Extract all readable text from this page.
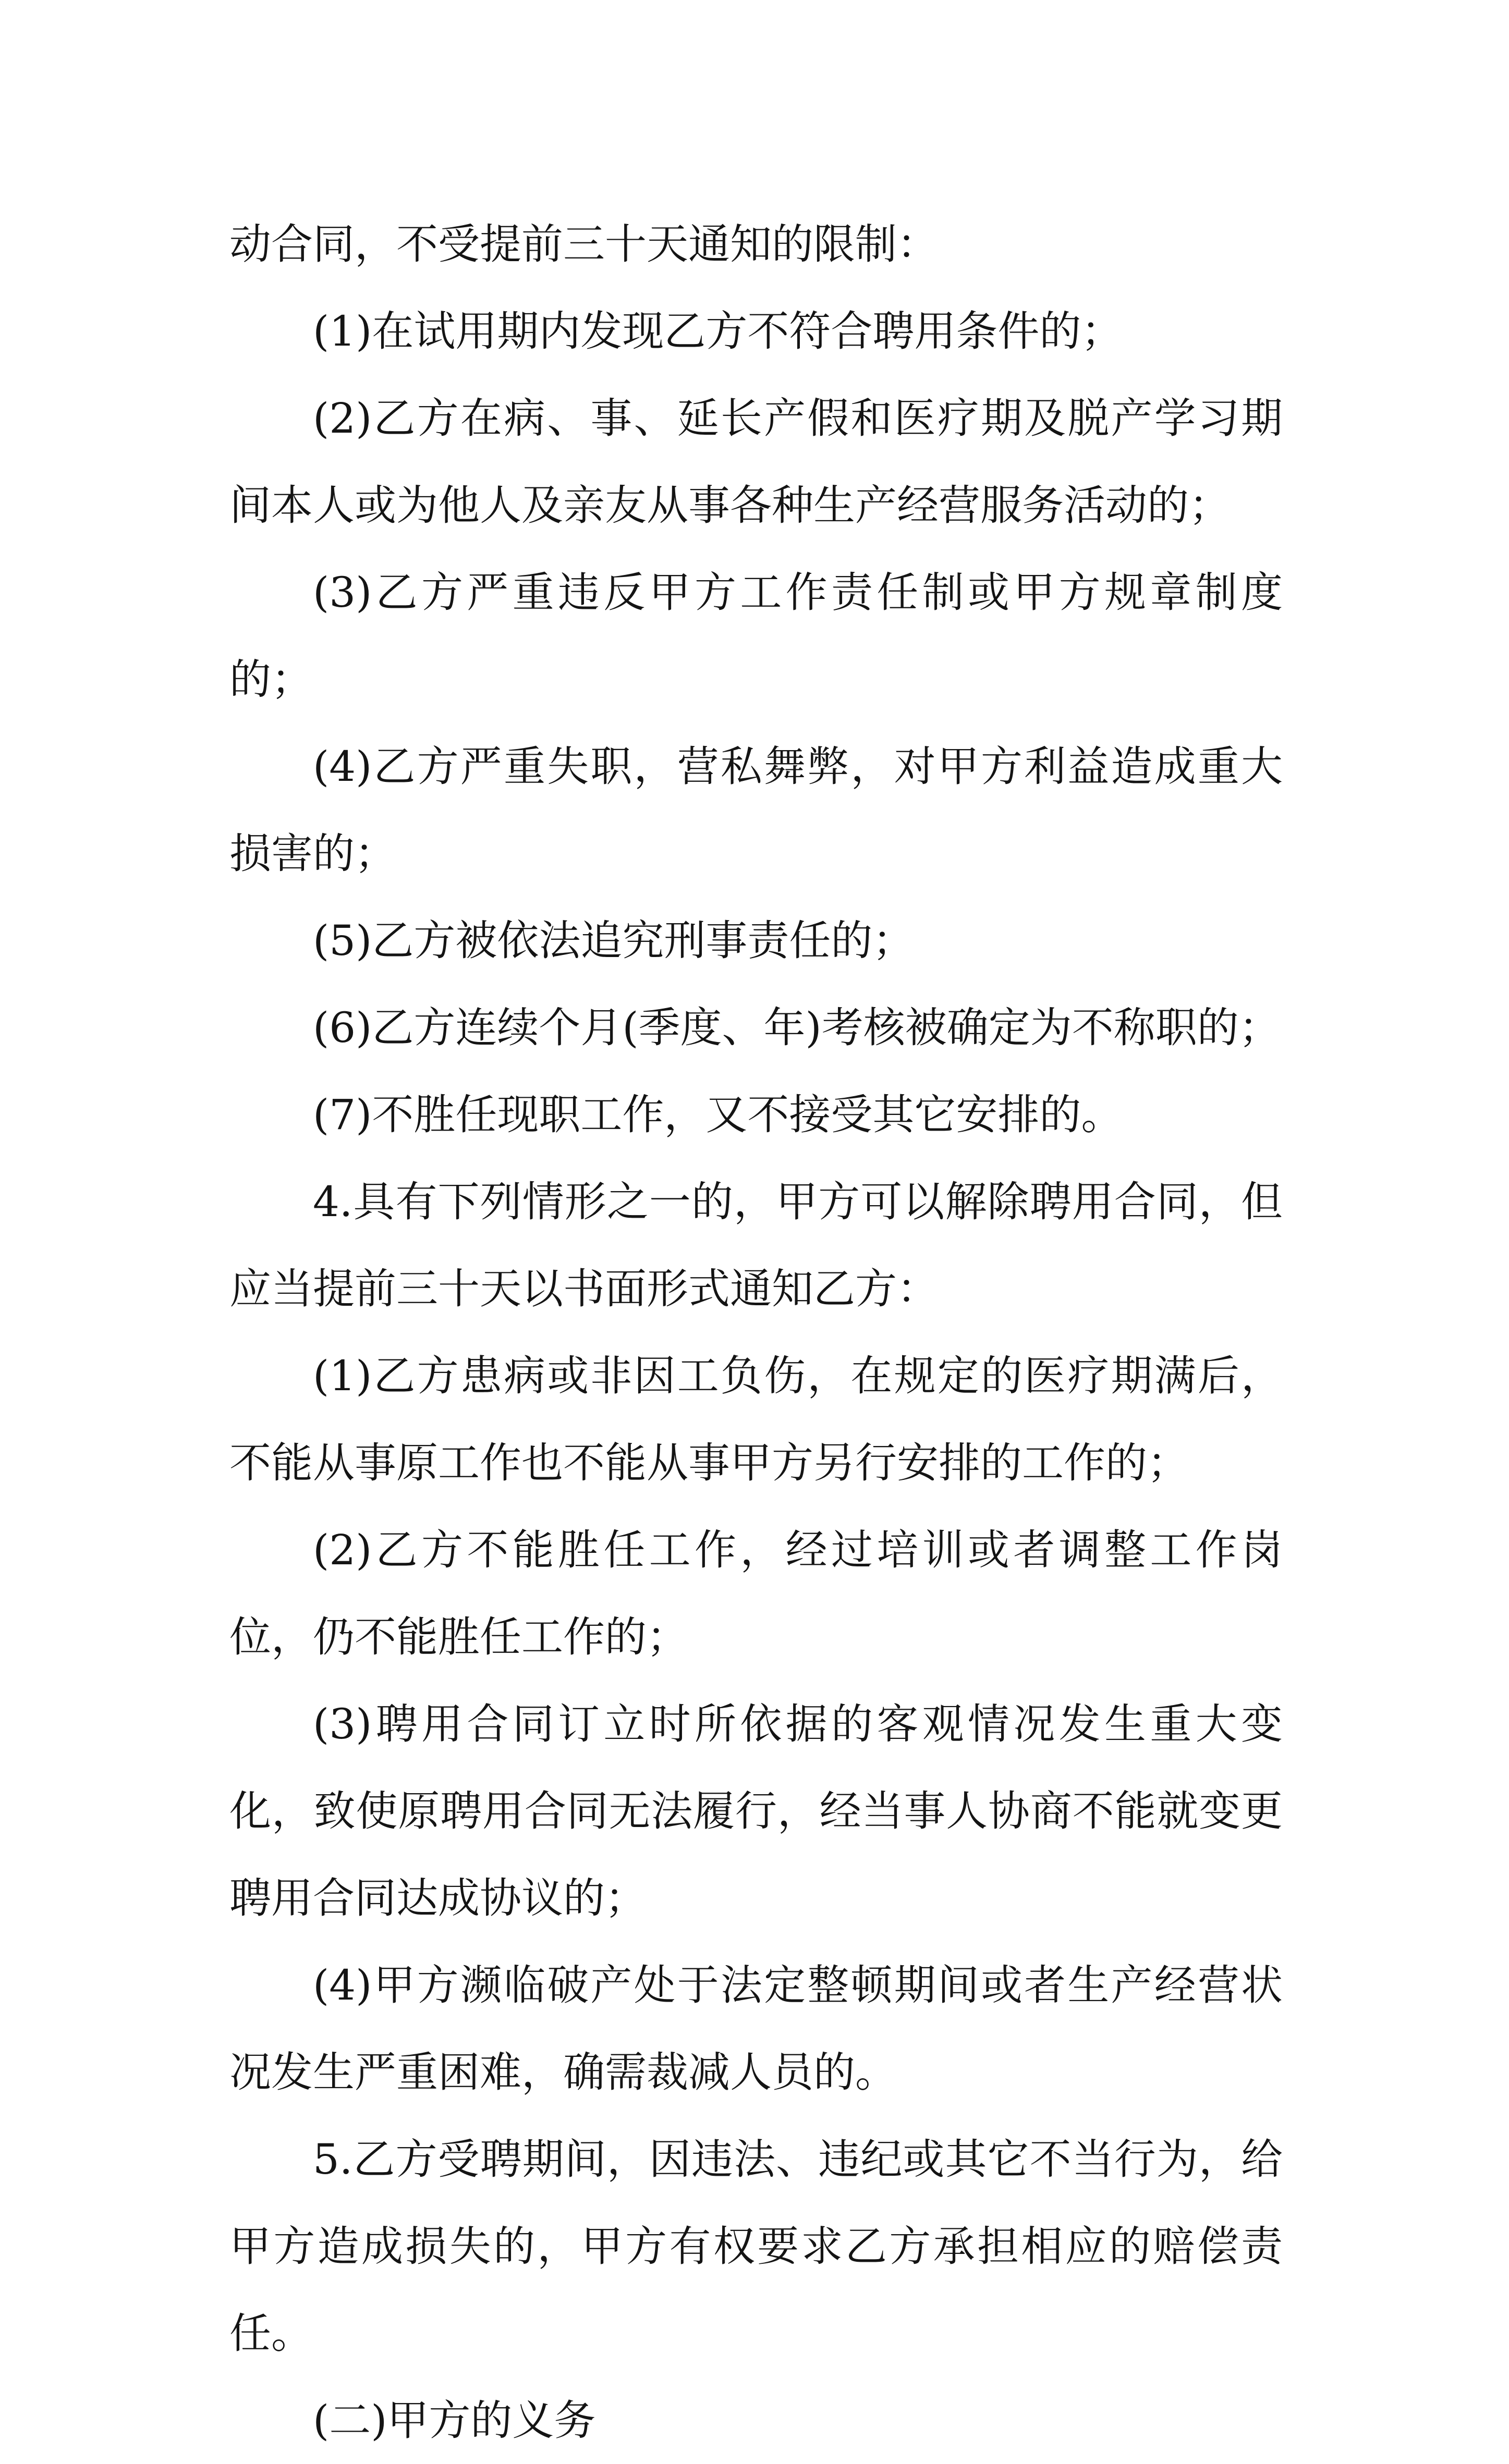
动合同，不受提前三十天通知的限制：

(1)在试用期内发现乙方不符合聘用条件的；

(2)乙方在病、事、延长产假和医疗期及脱产学习期间本人或为他人及亲友从事各种生产经营服务活动的；

(3)乙方严重违反甲方工作责任制或甲方规章制度的；

(4)乙方严重失职，营私舞弊，对甲方利益造成重大损害的；

(5)乙方被依法追究刑事责任的；

(6)乙方连续个月(季度、年)考核被确定为不称职的；

(7)不胜任现职工作，又不接受其它安排的。

4.具有下列情形之一的，甲方可以解除聘用合同，但应当提前三十天以书面形式通知乙方：

(1)乙方患病或非因工负伤，在规定的医疗期满后，不能从事原工作也不能从事甲方另行安排的工作的；

(2)乙方不能胜任工作，经过培训或者调整工作岗位，仍不能胜任工作的；

(3)聘用合同订立时所依据的客观情况发生重大变化，致使原聘用合同无法履行，经当事人协商不能就变更聘用合同达成协议的；

(4)甲方濒临破产处于法定整顿期间或者生产经营状况发生严重困难，确需裁减人员的。

5.乙方受聘期间，因违法、违纪或其它不当行为，给甲方造成损失的，甲方有权要求乙方承担相应的赔偿责任。

(二)甲方的义务
